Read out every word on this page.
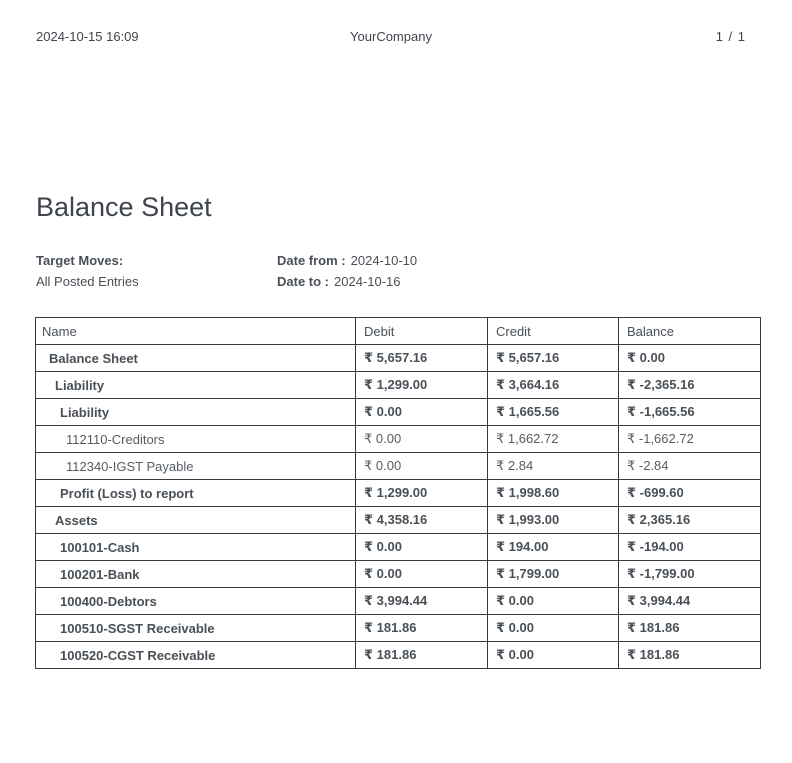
2024-10-15 16:09	YourCompany	1 / 1
Balance Sheet
Target Moves:
All Posted Entries
Date from : 2024-10-10
Date to : 2024-10-16
Name	Debit	Credit	Balance
Balance Sheet	₹ 5,657.16	₹ 5,657.16	₹ 0.00
Liability	₹ 1,299.00	₹ 3,664.16	₹ -2,365.16
Liability	₹ 0.00	₹ 1,665.56	₹ -1,665.56
112110-Creditors	₹ 0.00	₹ 1,662.72	₹ -1,662.72
112340-IGST Payable	₹ 0.00	₹ 2.84	₹ -2.84
Profit (Loss) to report	₹ 1,299.00	₹ 1,998.60	₹ -699.60
Assets	₹ 4,358.16	₹ 1,993.00	₹ 2,365.16
100101-Cash	₹ 0.00	₹ 194.00	₹ -194.00
100201-Bank	₹ 0.00	₹ 1,799.00	₹ -1,799.00
100400-Debtors	₹ 3,994.44	₹ 0.00	₹ 3,994.44
100510-SGST Receivable	₹ 181.86	₹ 0.00	₹ 181.86
100520-CGST Receivable	₹ 181.86	₹ 0.00	₹ 181.86
